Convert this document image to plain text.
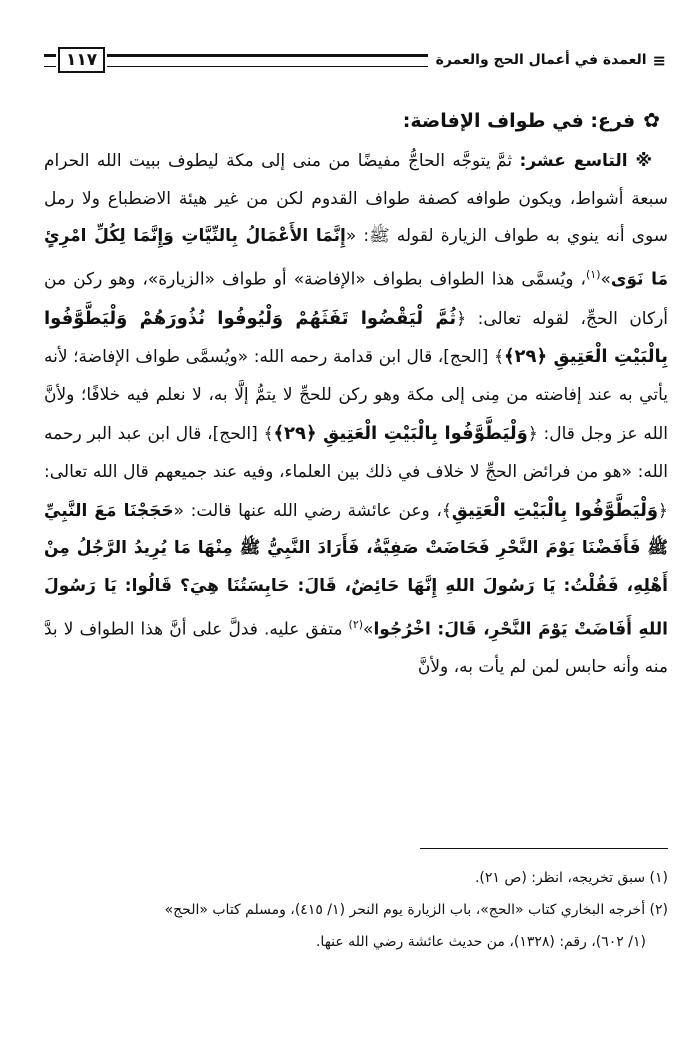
≡
العمدة في أعمال الحج والعمرة
١١٧
✿فرع: في طواف الإفاضة:

※ التاسع عشر: ثمَّ يتوجَّه الحاجُّ مفيضًا من منى إلى مكة ليطوف ببيت الله الحرام سبعة أشواط، ويكون طوافه كصفة طواف القدوم لكن من غير هيئة الاضطباع ولا رمل سوى أنه ينوي به طواف الزيارة لقوله ﷺ: «إِنَّمَا الأَعْمَالُ بِالنِّيَّاتِ وَإِنَّمَا لِكُلِّ امْرِئٍ مَا نَوَى»$^{(١)}$، ويُسمَّى هذا الطواف بطواف «الإفاضة» أو طواف «الزيارة»، وهو ركن من أركان الحجِّ، لقوله تعالى: ﴿ثُمَّ لْيَقْضُوا تَفَثَهُمْ وَلْيُوفُوا نُذُورَهُمْ وَلْيَطَّوَّفُوا بِالْبَيْتِ الْعَتِيقِ ﴿٢٩﴾﴾ [الحج]، قال ابن قدامة رحمه الله: «ويُسمَّى طواف الإفاضة؛ لأنه يأتي به عند إفاضته من مِنى إلى مكة وهو ركن للحجِّ لا يتمُّ إلَّا به، لا نعلم فيه خلافًا؛ ولأنَّ الله عز وجل قال: ﴿وَلْيَطَّوَّفُوا بِالْبَيْتِ الْعَتِيقِ ﴿٢٩﴾﴾ [الحج]، قال ابن عبد البر رحمه الله: «هو من فرائض الحجِّ لا خلاف في ذلك بين العلماء، وفيه عند جميعهم قال الله تعالى: ﴿وَلْيَطَّوَّفُوا بِالْبَيْتِ الْعَتِيقِ﴾، وعن عائشة رضي الله عنها قالت: «حَجَجْنَا مَعَ النَّبِيِّ ﷺ فَأَفَضْنَا يَوْمَ النَّحْرِ فَحَاضَتْ صَفِيَّةُ، فَأَرَادَ النَّبِيُّ ﷺ مِنْهَا مَا يُرِيدُ الرَّجُلُ مِنْ أَهْلِهِ، فَقُلْتُ: يَا رَسُولَ اللهِ إِنَّهَا حَائِضٌ، قَالَ: حَابِسَتُنَا هِيَ؟ قَالُوا: يَا رَسُولَ اللهِ أَفَاضَتْ يَوْمَ النَّحْرِ، قَالَ: اخْرُجُوا»$^{(٢)}$ متفق عليه. فدلَّ على أنَّ هذا الطواف لا بدَّ منه وأنه حابس لمن لم يأت به، ولأنَّ

(١) سبق تخريجه، انظر: (ص ٢١).

(٢) أخرجه البخاري كتاب «الحج»، باب الزيارة يوم النحر (١/ ٤١٥)، ومسلم كتاب «الحج»

(١/ ٦٠٢)، رقم: (١٣٢٨)، من حديث عائشة رضي الله عنها.
